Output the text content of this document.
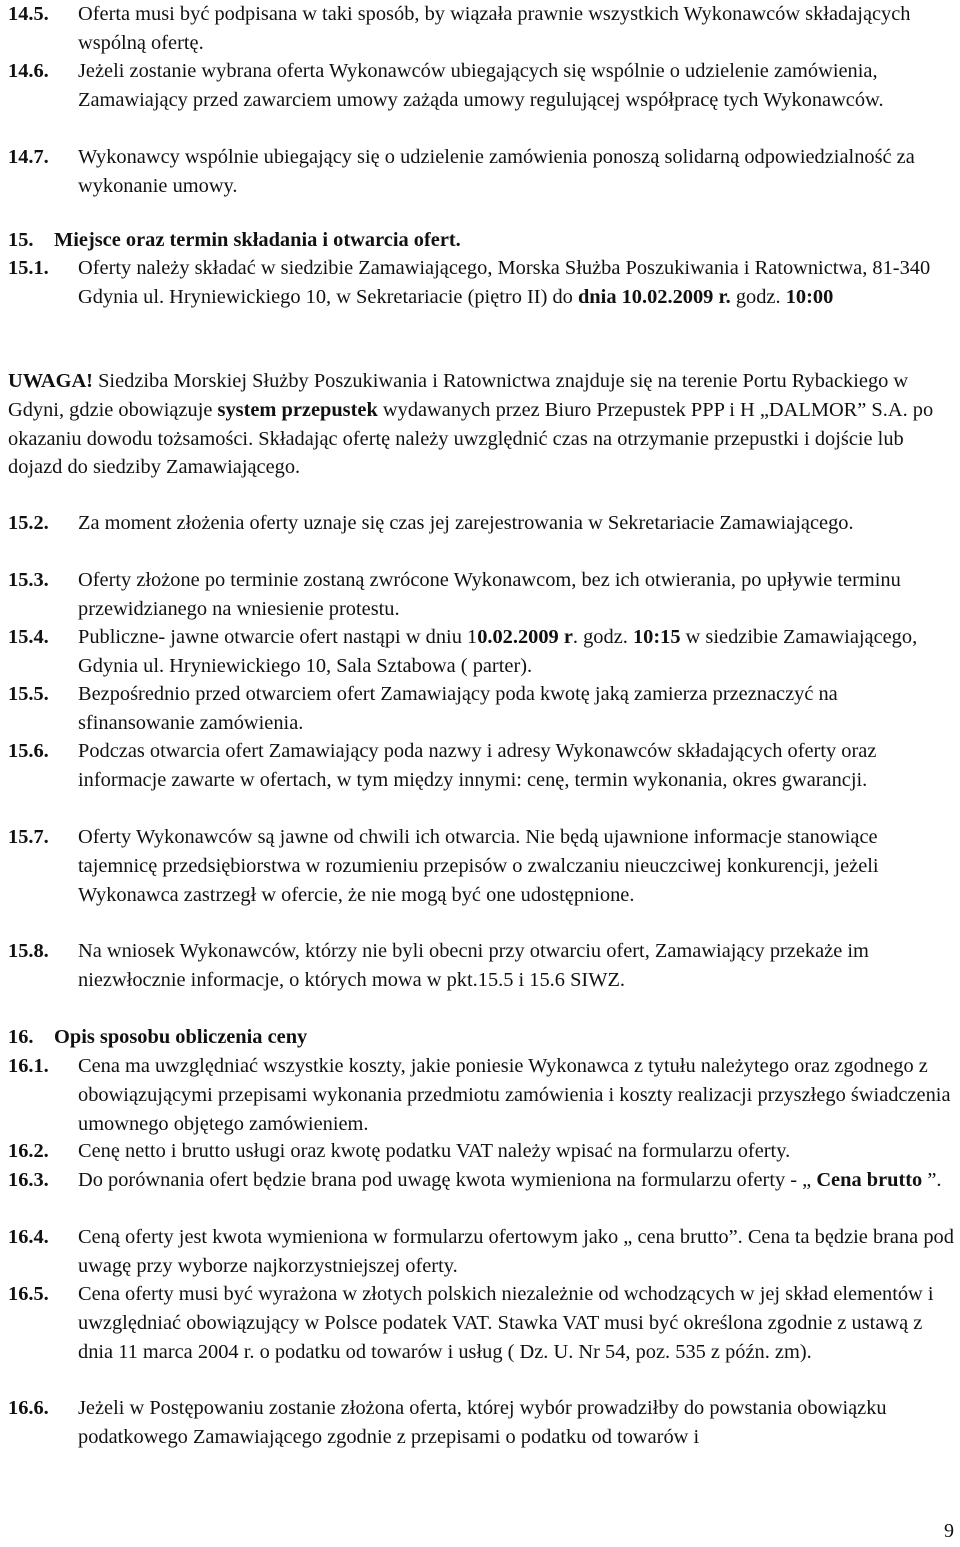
14.5. Oferta musi być podpisana w taki sposób, by wiązała prawnie wszystkich Wykonawców składających wspólną ofertę.
14.6. Jeżeli zostanie wybrana oferta Wykonawców ubiegających się wspólnie o udzielenie zamówienia, Zamawiający przed zawarciem umowy zażąda umowy regulującej współpracę tych Wykonawców.
14.7. Wykonawcy wspólnie ubiegający się o udzielenie zamówienia ponoszą solidarną odpowiedzialność za wykonanie umowy.
15. Miejsce oraz termin składania i otwarcia ofert.
15.1. Oferty należy składać w siedzibie Zamawiającego, Morska Służba Poszukiwania i Ratownictwa, 81-340 Gdynia ul. Hryniewickiego 10, w Sekretariacie (piętro II) do dnia 10.02.2009 r. godz. 10:00
UWAGA! Siedziba Morskiej Służby Poszukiwania i Ratownictwa znajduje się na terenie Portu Rybackiego w Gdyni, gdzie obowiązuje system przepustek wydawanych przez Biuro Przepustek PPP i H „DALMOR” S.A. po okazaniu dowodu tożsamości. Składając ofertę należy uwzględnić czas na otrzymanie przepustki i dojście lub dojazd do siedziby Zamawiającego.
15.2. Za moment złożenia oferty uznaje się czas jej zarejestrowania w Sekretariacie Zamawiającego.
15.3. Oferty złożone po terminie zostaną zwrócone Wykonawcom, bez ich otwierania, po upływie terminu przewidzianego na wniesienie protestu.
15.4. Publiczne- jawne otwarcie ofert nastąpi w dniu 10.02.2009 r. godz. 10:15 w siedzibie Zamawiającego, Gdynia ul. Hryniewickiego 10, Sala Sztabowa ( parter).
15.5. Bezpośrednio przed otwarciem ofert Zamawiający poda kwotę jaką zamierza przeznaczyć na sfinansowanie zamówienia.
15.6. Podczas otwarcia ofert Zamawiający poda nazwy i adresy Wykonawców składających oferty oraz informacje zawarte w ofertach, w tym między innymi: cenę, termin wykonania, okres gwarancji.
15.7. Oferty Wykonawców są jawne od chwili ich otwarcia. Nie będą ujawnione informacje stanowiące tajemnicę przedsiębiorstwa w rozumieniu przepisów o zwalczaniu nieuczciwej konkurencji, jeżeli Wykonawca zastrzegł w ofercie, że nie mogą być one udostępnione.
15.8. Na wniosek Wykonawców, którzy nie byli obecni przy otwarciu ofert, Zamawiający przekaże im niezwłocznie informacje, o których mowa w pkt.15.5 i 15.6 SIWZ.
16. Opis sposobu obliczenia ceny
16.1. Cena ma uwzględniać wszystkie koszty, jakie poniesie Wykonawca z tytułu należytego oraz zgodnego z obowiązującymi przepisami wykonania przedmiotu zamówienia i koszty realizacji przyszłego świadczenia umownego objętego zamówieniem.
16.2. Cenę netto i brutto usługi oraz kwotę podatku VAT należy wpisać na formularzu oferty.
16.3. Do porównania ofert będzie brana pod uwagę kwota wymieniona na formularzu oferty - „ Cena brutto ”.
16.4. Ceną oferty jest kwota wymieniona w formularzu ofertowym jako „ cena brutto”. Cena ta będzie brana pod uwagę przy wyborze najkorzystniejszej oferty.
16.5. Cena oferty musi być wyrażona w złotych polskich niezależnie od wchodzących w jej skład elementów i uwzględniać obowiązujący w Polsce podatek VAT. Stawka VAT musi być określona zgodnie z ustawą z dnia 11 marca 2004 r. o podatku od towarów i usług ( Dz. U. Nr 54, poz. 535 z późn. zm).
16.6. Jeżeli w Postępowaniu zostanie złożona oferta, której wybór prowadziłby do powstania obowiązku podatkowego Zamawiającego zgodnie z przepisami o podatku od towarów i
9
